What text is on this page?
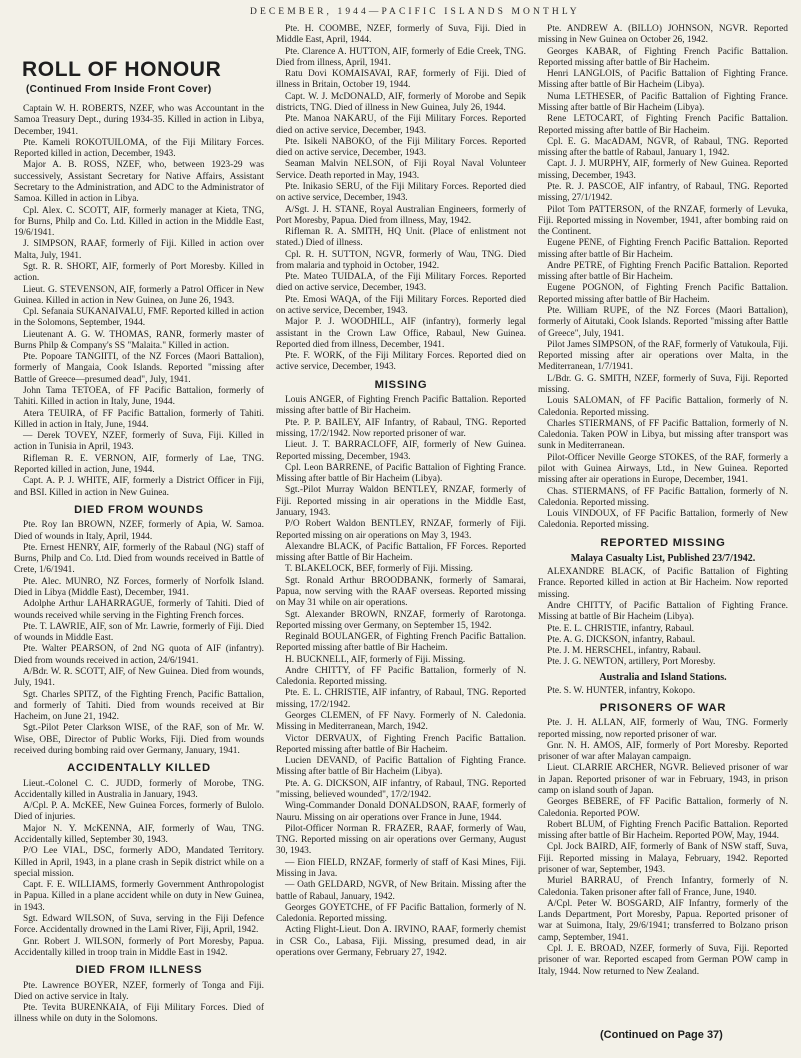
DECEMBER, 1944—PACIFIC ISLANDS MONTHLY
ROLL OF HONOUR
(Continued From Inside Front Cover)

Captain W. H. ROBERTS, NZEF, who was Accountant in the Samoa Treasury Dept., during 1934-35. Killed in action in Libya, December, 1941.

Pte. Kameli ROKOTUILOMA, of the Fiji Military Forces. Reported killed in action, December, 1943.

Major A. B. ROSS, NZEF, who, between 1923-29 was successively, Assistant Secretary for Native Affairs, Assistant Secretary to the Administration, and ADC to the Administrator of Samoa. Killed in action in Libya.

Cpl. Alex. C. SCOTT, AIF, formerly manager at Kieta, TNG, for Burns, Philp and Co. Ltd. Killed in action in the Middle East, 19/6/1941.

J. SIMPSON, RAAF, formerly of Fiji. Killed in action over Malta, July, 1941.

Sgt. R. R. SHORT, AIF, formerly of Port Moresby. Killed in action.

Lieut. G. STEVENSON, AIF, formerly a Patrol Officer in New Guinea. Killed in action in New Guinea, on June 26, 1943.

Cpl. Sefanaia SUKANAIVALU, FMF. Reported killed in action in the Solomons, September, 1944.

Lieutenant A. G. W. THOMAS, RANR, formerly master of Burns Philp & Company's SS "Malaita." Killed in action.

Pte. Popoare TANGIITI, of the NZ Forces (Maori Battalion), formerly of Mangaia, Cook Islands. Reported "missing after Battle of Greece—presumed dead", July, 1941.

John Tama TETOEA, of FF Pacific Battalion, formerly of Tahiti. Killed in action in Italy, June, 1944.

Atera TEUIRA, of FF Pacific Battalion, formerly of Tahiti. Killed in action in Italy, June, 1944.

— Derek TOVEY, NZEF, formerly of Suva, Fiji. Killed in action in Tunisia in April, 1943.

Rifleman R. E. VERNON, AIF, formerly of Lae, TNG. Reported killed in action, June, 1944.

Capt. A. P. J. WHITE, AIF, formerly a District Officer in Fiji, and BSI. Killed in action in New Guinea.

DIED FROM WOUNDS

Pte. Roy Ian BROWN, NZEF, formerly of Apia, W. Samoa. Died of wounds in Italy, April, 1944.

Pte. Ernest HENRY, AIF, formerly of the Rabaul (NG) staff of Burns, Philp and Co. Ltd. Died from wounds received in Battle of Crete, 1/6/1941.

Pte. Alec. MUNRO, NZ Forces, formerly of Norfolk Island. Died in Libya (Middle East), December, 1941.

Adolphe Arthur LAHARRAGUE, formerly of Tahiti. Died of wounds received while serving in the Fighting French forces.

Pte. T. LAWRIE, AIF, son of Mr. Lawrie, formerly of Fiji. Died of wounds in Middle East.

Pte. Walter PEARSON, of 2nd NG quota of AIF (infantry). Died from wounds received in action, 24/6/1941.

A/Bdr. W. R. SCOTT, AIF, of New Guinea. Died from wounds, July, 1941.

Sgt. Charles SPITZ, of the Fighting French, Pacific Battalion, and formerly of Tahiti. Died from wounds received at Bir Hacheim, on June 21, 1942.

Sgt.-Pilot Peter Clarkson WISE, of the RAF, son of Mr. W. Wise, OBE, Director of Public Works, Fiji. Died from wounds received during bombing raid over Germany, January, 1941.

ACCIDENTALLY KILLED

Lieut.-Colonel C. C. JUDD, formerly of Morobe, TNG. Accidentally killed in Australia in January, 1943.

A/Cpl. P. A. McKEE, New Guinea Forces, formerly of Bulolo. Died of injuries.

Major N. Y. McKENNA, AIF, formerly of Wau, TNG. Accidentally killed, September 30, 1943.

P/O Lee VIAL, DSC, formerly ADO, Mandated Territory. Killed in April, 1943, in a plane crash in Sepik district while on a special mission.

Capt. F. E. WILLIAMS, formerly Government Anthropologist in Papua. Killed in a plane accident while on duty in New Guinea, in 1943.

Sgt. Edward WILSON, of Suva, serving in the Fiji Defence Force. Accidentally drowned in the Lami River, Fiji, April, 1942.

Gnr. Robert J. WILSON, formerly of Port Moresby, Papua. Accidentally killed in troop train in Middle East in 1942.

DIED FROM ILLNESS

Pte. Lawrence BOYER, NZEF, formerly of Tonga and Fiji. Died on active service in Italy.

Pte. Tevita BURENKAIA, of Fiji Military Forces. Died of illness while on duty in the Solomons.

Pte. H. COOMBE, NZEF, formerly of Suva, Fiji. Died in Middle East, April, 1944.

Pte. Clarence A. HUTTON, AIF, formerly of Edie Creek, TNG. Died from illness, April, 1941.

Ratu Dovi KOMAISAVAI, RAF, formerly of Fiji. Died of illness in Britain, October 19, 1944.

Capt. W. J. McDONALD, AIF, formerly of Morobe and Sepik districts, TNG. Died of illness in New Guinea, July 26, 1944.

Pte. Manoa NAKARU, of the Fiji Military Forces. Reported died on active service, December, 1943.

Pte. Isikeli NABOKO, of the Fiji Military Forces. Reported died on active service, December, 1943.

Seaman Malvin NELSON, of Fiji Royal Naval Volunteer Service. Death reported in May, 1943.

Pte. Inikasio SERU, of the Fiji Military Forces. Reported died on active service, December, 1943.

A/Sgt. J. H. STANE, Royal Australian Engineers, formerly of Port Moresby, Papua. Died from illness, May, 1942.

Rifleman R. A. SMITH, HQ Unit. (Place of enlistment not stated.) Died of illness.

Cpl. R. H. SUTTON, NGVR, formerly of Wau, TNG. Died from malaria and typhoid in October, 1942.

Pte. Mateo TUIDALA, of the Fiji Military Forces. Reported died on active service, December, 1943.

Pte. Emosi WAQA, of the Fiji Military Forces. Reported died on active service, December, 1943.

Major P. J. WOODHILL, AIF (infantry), formerly legal assistant in the Crown Law Office, Rabaul, New Guinea. Reported died from illness, December, 1941.

Pte. F. WORK, of the Fiji Military Forces. Reported died on active service, December, 1943.

MISSING

Louis ANGER, of Fighting French Pacific Battalion. Reported missing after battle of Bir Hacheim.

Pte. P. P. BAILEY, AIF Infantry, of Rabaul, TNG. Reported missing, 17/2/1942. Now reported prisoner of war.

Lieut. J. T. BARRACLOFF, AIF, formerly of New Guinea. Reported missing, December, 1943.

Cpl. Leon BARRENE, of Pacific Battalion of Fighting France. Missing after battle of Bir Hacheim (Libya).

Sgt.-Pilot Murray Waldon BENTLEY, RNZAF, formerly of Fiji. Reported missing in air operations in the Middle East, January, 1943.

P/O Robert Waldon BENTLEY, RNZAF, formerly of Fiji. Reported missing on air operations on May 3, 1943.

Alexandre BLACK, of Pacific Battalion, FF Forces. Reported missing after Battle of Bir Hacheim.

T. BLAKELOCK, BEF, formerly of Fiji. Missing.

Sgt. Ronald Arthur BROODBANK, formerly of Samarai, Papua, now serving with the RAAF overseas. Reported missing on May 31 while on air operations.

Sgt. Alexander BROWN, RNZAF, formerly of Rarotonga. Reported missing over Germany, on September 15, 1942.

Reginald BOULANGER, of Fighting French Pacific Battalion. Reported missing after battle of Bir Hacheim.

H. BUCKNELL, AIF, formerly of Fiji. Missing.

Andre CHITTY, of FF Pacific Battalion, formerly of N. Caledonia. Reported missing.

Pte. E. L. CHRISTIE, AIF infantry, of Rabaul, TNG. Reported missing, 17/2/1942.

Georges CLEMEN, of FF Navy. Formerly of N. Caledonia. Missing in Mediterranean, March, 1942.

Victor DERVAUX, of Fighting French Pacific Battalion. Reported missing after battle of Bir Hacheim.

Lucien DEVAND, of Pacific Battalion of Fighting France. Missing after battle of Bir Hacheim (Libya).

Pte. A. G. DICKSON, AIF infantry, of Rabaul, TNG. Reported "missing, believed wounded", 17/2/1942.

Wing-Commander Donald DONALDSON, RAAF, formerly of Nauru. Missing on air operations over France in June, 1944.

Pilot-Officer Norman R. FRAZER, RAAF, formerly of Wau, TNG. Reported missing on air operations over Germany, August 30, 1943.

— Eion FIELD, RNZAF, formerly of staff of Kasi Mines, Fiji. Missing in Java.

— Oath GELDARD, NGVR, of New Britain. Missing after the battle of Rabaul, January, 1942.

Georges GOYETCHE, of FF Pacific Battalion, formerly of N. Caledonia. Reported missing.

Acting Flight-Lieut. Don A. IRVINO, RAAF, formerly chemist in CSR Co., Labasa, Fiji. Missing, presumed dead, in air operations over Germany, February 27, 1942.

Pte. ANDREW A. (BILLO) JOHNSON, NGVR. Reported missing in New Guinea on October 26, 1942.

Georges KABAR, of Fighting French Pacific Battalion. Reported missing after battle of Bir Hacheim.

Henri LANGLOIS, of Pacific Battalion of Fighting France. Missing after battle of Bir Hacheim (Libya).

Numa LETHESER, of Pacific Battalion of Fighting France. Missing after battle of Bir Hacheim (Libya).

Rene LETOCART, of Fighting French Pacific Battalion. Reported missing after battle of Bir Hacheim.

Cpl. E. G. MacADAM, NGVR, of Rabaul, TNG. Reported missing after the battle of Rabaul, January 1, 1942.

Capt. J. J. MURPHY, AIF, formerly of New Guinea. Reported missing, December, 1943.

Pte. R. J. PASCOE, AIF infantry, of Rabaul, TNG. Reported missing, 27/1/1942.

Pilot Tom PATTERSON, of the RNZAF, formerly of Levuka, Fiji. Reported missing in November, 1941, after bombing raid on the Continent.

Eugene PENE, of Fighting French Pacific Battalion. Reported missing after battle of Bir Hacheim.

Andre PETRE, of Fighting French Pacific Battalion. Reported missing after battle of Bir Hacheim.

Eugene POGNON, of Fighting French Pacific Battalion. Reported missing after battle of Bir Hacheim.

Pte. William RUPE, of the NZ Forces (Maori Battalion), formerly of Aitutaki, Cook Islands. Reported "missing after Battle of Greece", July, 1941.

Pilot James SIMPSON, of the RAF, formerly of Vatukoula, Fiji. Reported missing after air operations over Malta, in the Mediterranean, 1/7/1941.

L/Bdr. G. G. SMITH, NZEF, formerly of Suva, Fiji. Reported missing.

Louis SALOMAN, of FF Pacific Battalion, formerly of N. Caledonia. Reported missing.

Charles STIERMANS, of FF Pacific Battalion, formerly of N. Caledonia. Taken POW in Libya, but missing after transport was sunk in Mediterranean.

Pilot-Officer Neville George STOKES, of the RAF, formerly a pilot with Guinea Airways, Ltd., in New Guinea. Reported missing after air operations in Europe, December, 1941.

Chas. STIERMANS, of FF Pacific Battalion, formerly of N. Caledonia. Reported missing.

Louis VINDOUX, of FF Pacific Battalion, formerly of New Caledonia. Reported missing.

REPORTED MISSING
Malaya Casualty List, Published 23/7/1942.

ALEXANDRE BLACK, of Pacific Battalion of Fighting France. Reported killed in action at Bir Hacheim. Now reported missing.

Andre CHITTY, of Pacific Battalion of Fighting France. Missing at battle of Bir Hacheim (Libya).

Pte. E. L. CHRISTIE, infantry, Rabaul.

Pte. A. G. DICKSON, infantry, Rabaul.

Pte. J. M. HERSCHEL, infantry, Rabaul.

Pte. J. G. NEWTON, artillery, Port Moresby.

Australia and Island Stations.

Pte. S. W. HUNTER, infantry, Kokopo.

PRISONERS OF WAR

Pte. J. H. ALLAN, AIF, formerly of Wau, TNG. Formerly reported missing, now reported prisoner of war.

Gnr. N. H. AMOS, AIF, formerly of Port Moresby. Reported prisoner of war after Malayan campaign.

Lieut. CLARRIE ARCHER, NGVR. Believed prisoner of war in Japan. Reported prisoner of war in February, 1943, in prison camp on island south of Japan.

Georges BEBERE, of FF Pacific Battalion, formerly of N. Caledonia. Reported POW.

Robert BLUM, of Fighting French Pacific Battalion. Reported missing after battle of Bir Hacheim. Reported POW, May, 1944.

Cpl. Jock BAIRD, AIF, formerly of Bank of NSW staff, Suva, Fiji. Reported missing in Malaya, February, 1942. Reported prisoner of war, September, 1943.

Muriel BARRAU, of French Infantry, formerly of N. Caledonia. Taken prisoner after fall of France, June, 1940.

A/Cpl. Peter W. BOSGARD, AIF Infantry, formerly of the Lands Department, Port Moresby, Papua. Reported prisoner of war at Suimona, Italy, 29/6/1941; transferred to Bolzano prison camp, September, 1941.

Cpl. J. E. BROAD, NZEF, formerly of Suva, Fiji. Reported prisoner of war. Reported escaped from German POW camp in Italy, 1944. Now returned to New Zealand.

(Continued on Page 37)
